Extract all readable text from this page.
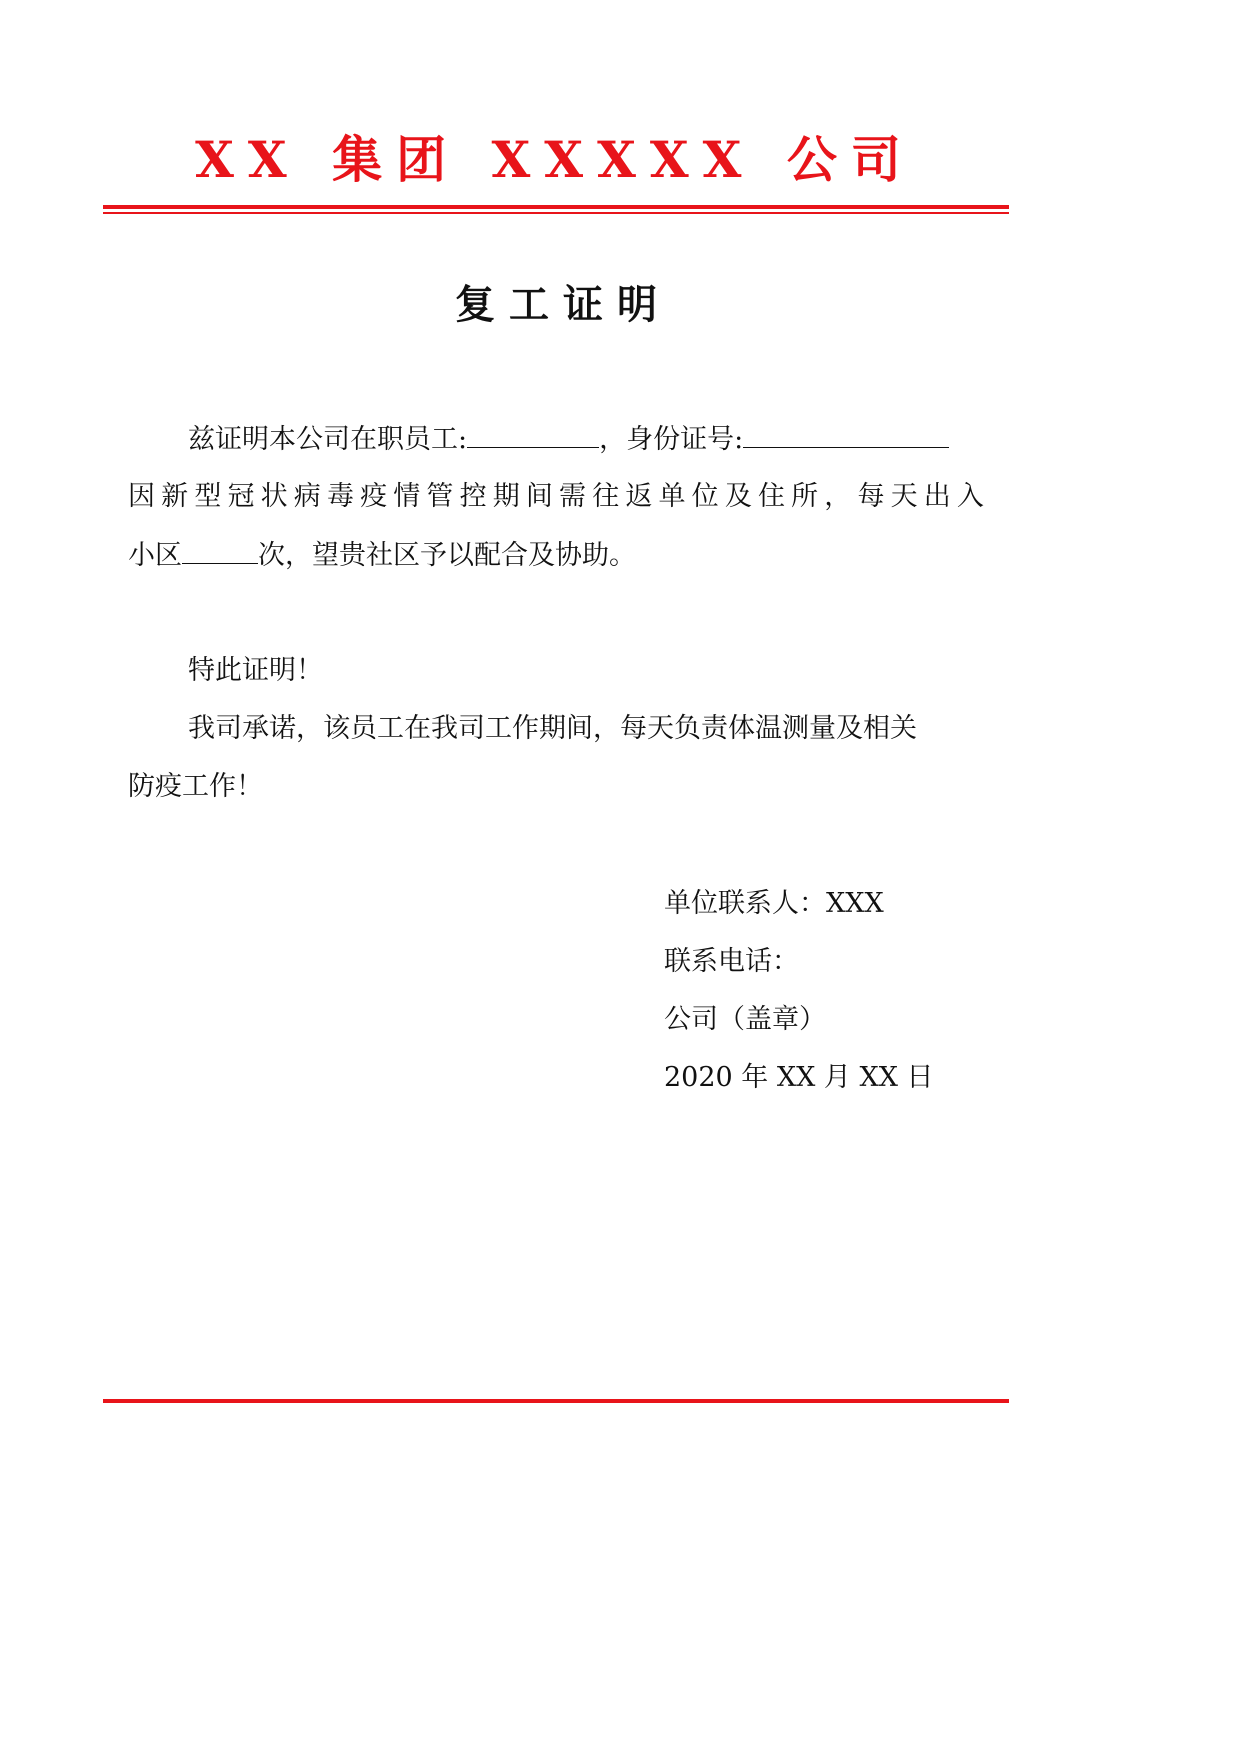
XX 集团 XXXXX 公司
复工证明
兹证明本公司在职员工:	，身份证号:
因 新 型 冠 状 病 毒 疫 情 管 控 期 间 需 往 返 单 位 及 住 所 ， 每 天 出 入
小区	次，望贵社区予以配合及协助。
特此证明！
我司承诺，该员工在我司工作期间，每天负责体温测量及相关
防疫工作！
单位联系人：XXX
联系电话：
公司（盖章）
2020 年 XX 月 XX 日
